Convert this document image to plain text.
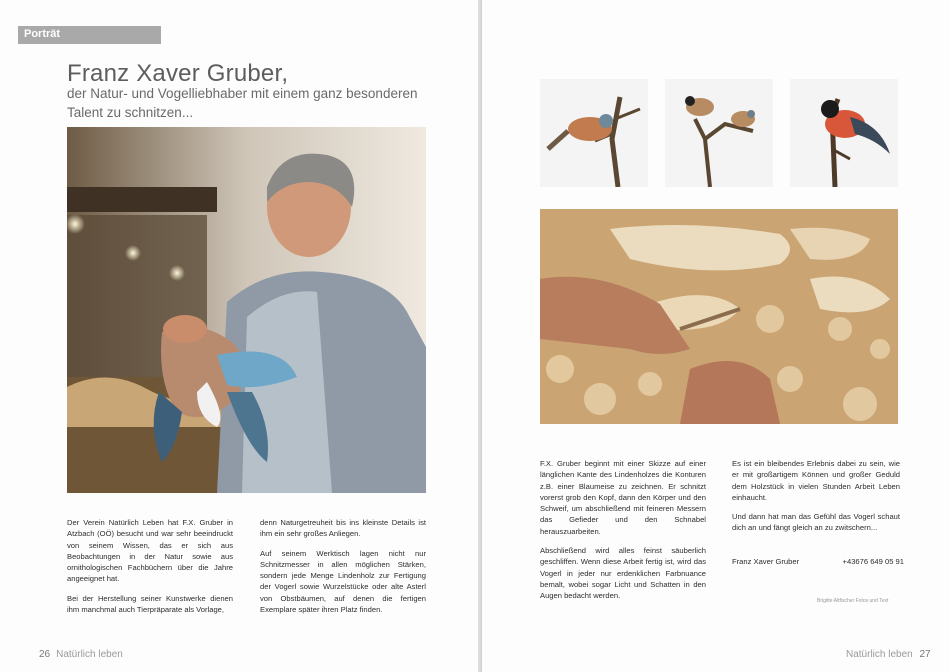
Porträt
Franz Xaver Gruber,
der Natur- und Vogelliebhaber mit einem ganz besonderen Talent zu schnitzen...

Der Verein Natürlich Leben hat F.X. Gruber in Atzbach (OÖ) besucht und war sehr beeindruckt von seinem Wissen, das er sich aus Beobachtungen in der Natur sowie aus ornithologischen Fachbüchern über die Jahre angeeignet hat.

Bei der Herstellung seiner Kunstwerke dienen ihm manchmal auch Tierpräparate als Vorlage,

denn Naturgetreuheit bis ins kleinste Details ist ihm ein sehr großes Anliegen.

Auf seinem Werktisch lagen nicht nur Schnitzmesser in allen möglichen Stärken, sondern jede Menge Lindenholz zur Fertigung der Vogerl sowie Wurzelstücke oder alte Asterl von Obstbäumen, auf denen die fertigen Exemplare später ihren Platz finden.

26 Natürlich leben

F.X. Gruber beginnt mit einer Skizze auf einer länglichen Kante des Lindenholzes die Konturen z.B. einer Blaumeise zu zeichnen. Er schnitzt vorerst grob den Kopf, dann den Körper und den Schweif, um abschließend mit feineren Messern das Gefieder und den Schnabel herauszuarbeiten.

Abschließend wird alles feinst säuberlich geschliffen. Wenn diese Arbeit fertig ist, wird das Vogerl in jeder nur erdenklichen Farbnuance bemalt, wobei sogar Licht und Schatten in den Augen bedacht werden.

Es ist ein bleibendes Erlebnis dabei zu sein, wie er mit großartigem Können und großer Geduld dem Holzstück in vielen Stunden Arbeit Leben einhaucht.

Und dann hat man das Gefühl das Vogerl schaut dich an und fängt gleich an zu zwitschern...

Franz Xaver Gruber	+43676 649 05 91
Brigitte Altfischer Fotos und Text
Natürlich leben 27
